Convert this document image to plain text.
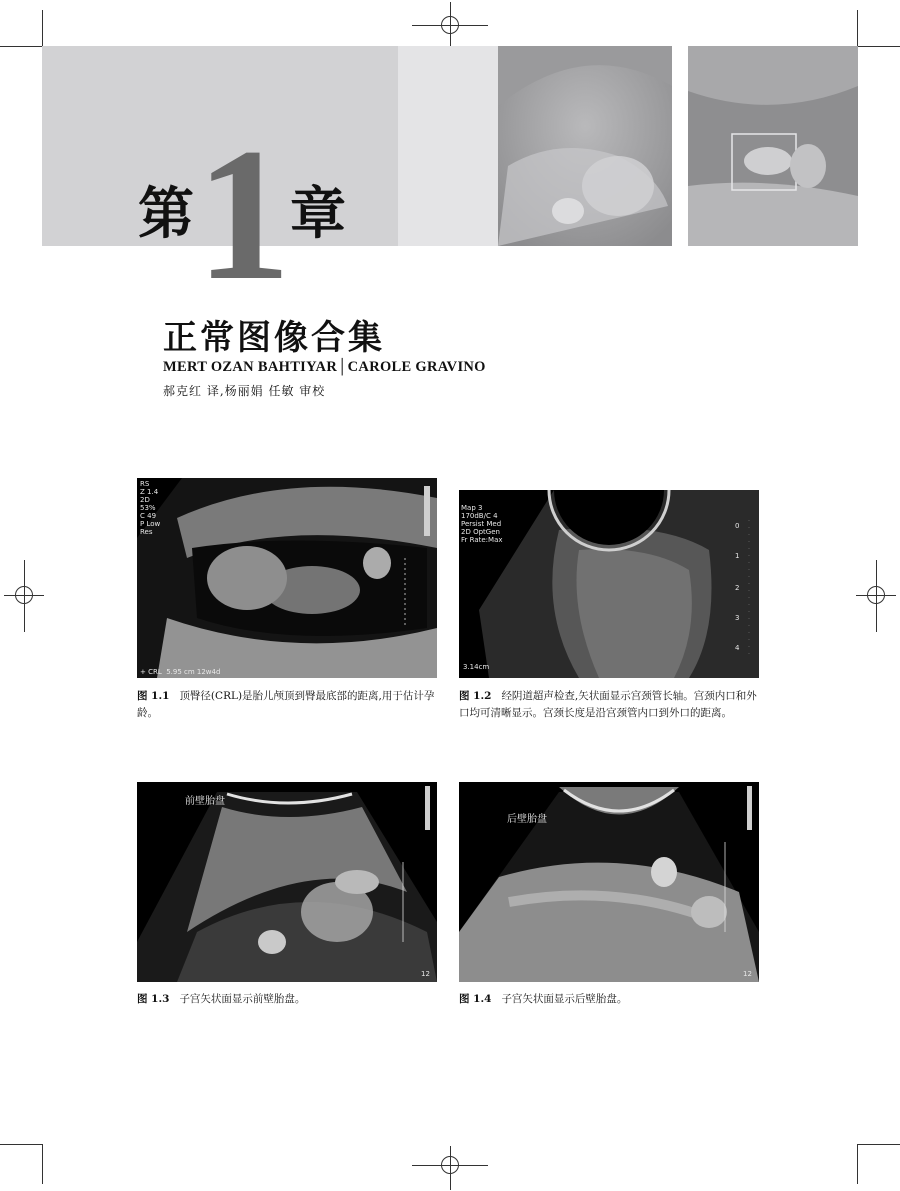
第 1 章
正常图像合集
MERT OZAN BAHTIYAR│CAROLE GRAVINO
郝克红 译,杨丽娟 任敏 审校
RS
Z 1.4
2D
53%
C 49
P Low
Res
+ CRL  5.95 cm 12w4d
图 1.1 顶臀径(CRL)是胎儿颅顶到臀最底部的距离,用于估计孕龄。
Map 3
170dB/C 4
Persist Med
2D OptGen
Fr Rate:Max
3.14cm
0
1
2
3
4
图 1.2 经阴道超声检查,矢状面显示宫颈管长轴。宫颈内口和外口均可清晰显示。宫颈长度是沿宫颈管内口到外口的距离。
前壁胎盘
12
图 1.3 子宫矢状面显示前壁胎盘。
后壁胎盘
12
图 1.4 子宫矢状面显示后壁胎盘。
